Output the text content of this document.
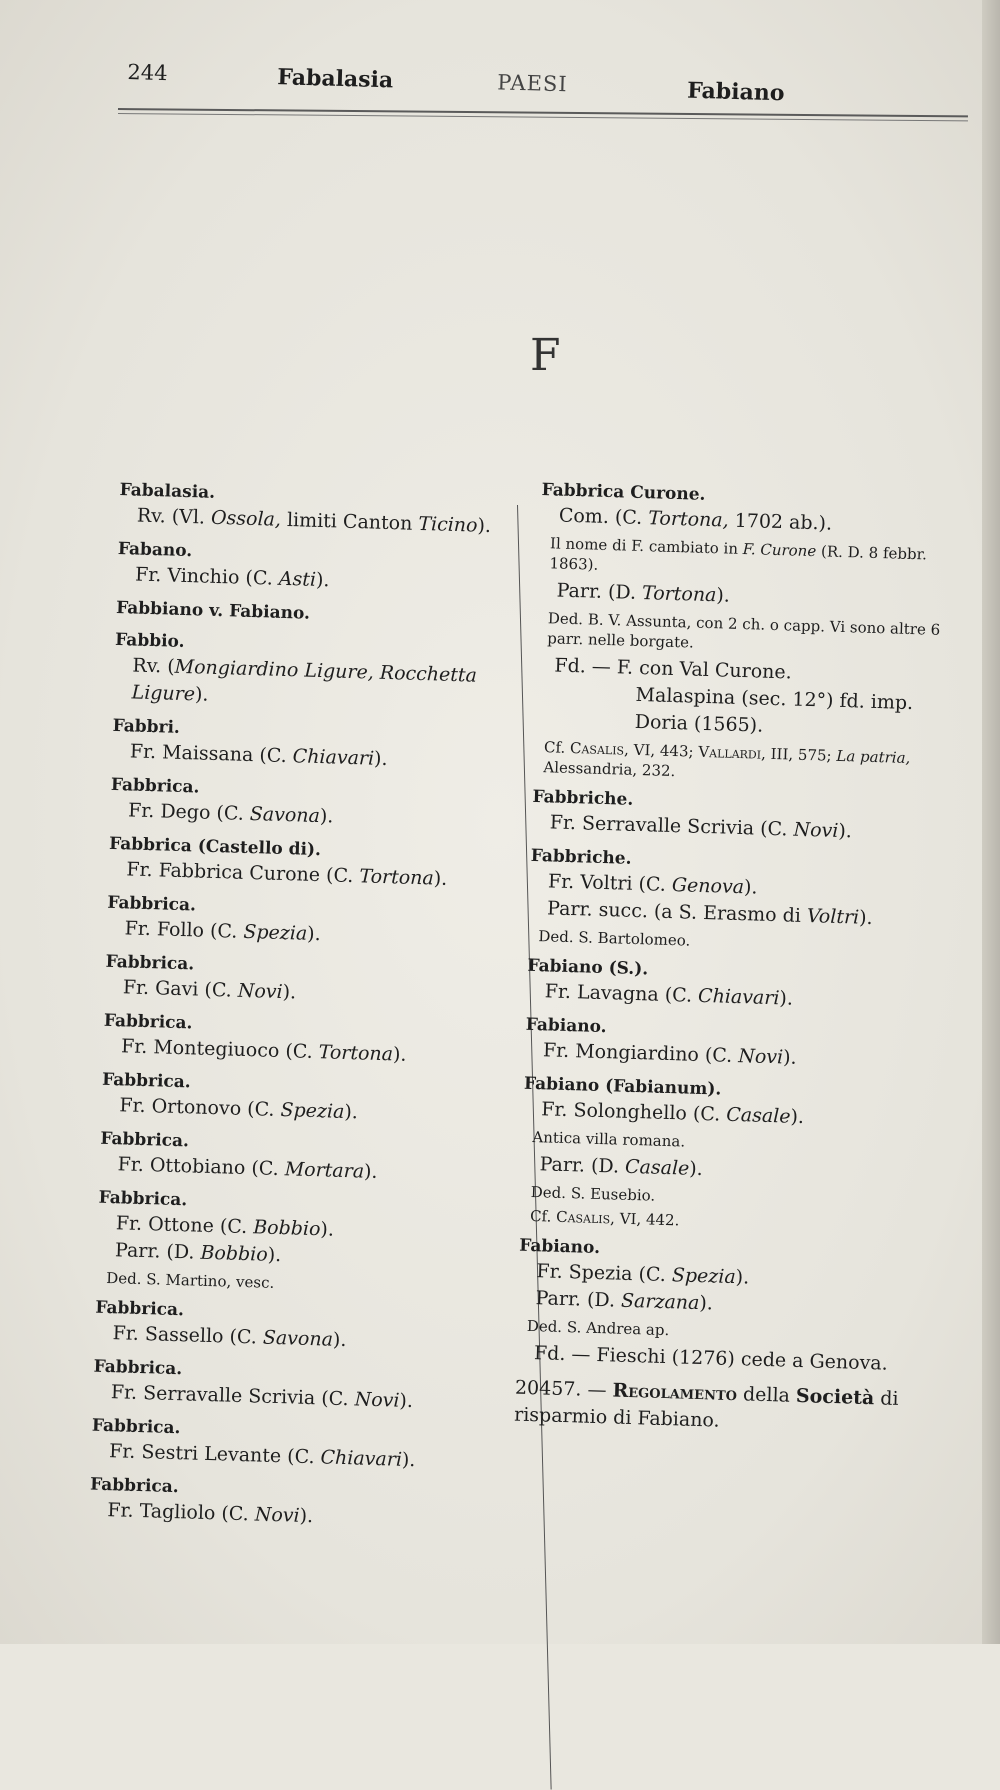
244	Fabalasia	PAESI	Fabiano
F
Fabalasia.
Rv. (Vl. Ossola, limiti Canton Ticino).
Fabano.
Fr. Vinchio (C. Asti).
Fabbiano v. Fabiano.
Fabbio.
Rv. (Mongiardino Ligure, Rocchetta Ligure).
Fabbri.
Fr. Maissana (C. Chiavari).
Fabbrica.
Fr. Dego (C. Savona).
Fabbrica (Castello di).
Fr. Fabbrica Curone (C. Tortona).
Fabbrica.
Fr. Follo (C. Spezia).
Fabbrica.
Fr. Gavi (C. Novi).
Fabbrica.
Fr. Montegiuoco (C. Tortona).
Fabbrica.
Fr. Ortonovo (C. Spezia).
Fabbrica.
Fr. Ottobiano (C. Mortara).
Fabbrica.
Fr. Ottone (C. Bobbio).
Parr. (D. Bobbio).
Ded. S. Martino, vesc.
Fabbrica.
Fr. Sassello (C. Savona).
Fabbrica.
Fr. Serravalle Scrivia (C. Novi).
Fabbrica.
Fr. Sestri Levante (C. Chiavari).
Fabbrica.
Fr. Tagliolo (C. Novi).
Fabbrica Curone.
Com. (C. Tortona, 1702 ab.).
Il nome di F. cambiato in F. Curone (R. D. 8 febbr. 1863).
Parr. (D. Tortona).
Ded. B. V. Assunta, con 2 ch. o capp. Vi sono altre 6 parr. nelle borgate.
Fd. — F. con Val Curone.
Malaspina (sec. 12°) fd. imp.
Doria (1565).
Cf. Casalis, VI, 443; Vallardi, III, 575; La patria, Alessandria, 232.
Fabbriche.
Fr. Serravalle Scrivia (C. Novi).
Fabbriche.
Fr. Voltri (C. Genova).
Parr. succ. (a S. Erasmo di Voltri).
Ded. S. Bartolomeo.
Fabiano (S.).
Fr. Lavagna (C. Chiavari).
Fabiano.
Fr. Mongiardino (C. Novi).
Fabiano (Fabianum).
Fr. Solonghello (C. Casale).
Antica villa romana.
Parr. (D. Casale).
Ded. S. Eusebio.
Cf. Casalis, VI, 442.
Fabiano.
Fr. Spezia (C. Spezia).
Parr. (D. Sarzana).
Ded. S. Andrea ap.
Fd. — Fieschi (1276) cede a Genova.
20457. — Regolamento della Società di risparmio di Fabiano.
